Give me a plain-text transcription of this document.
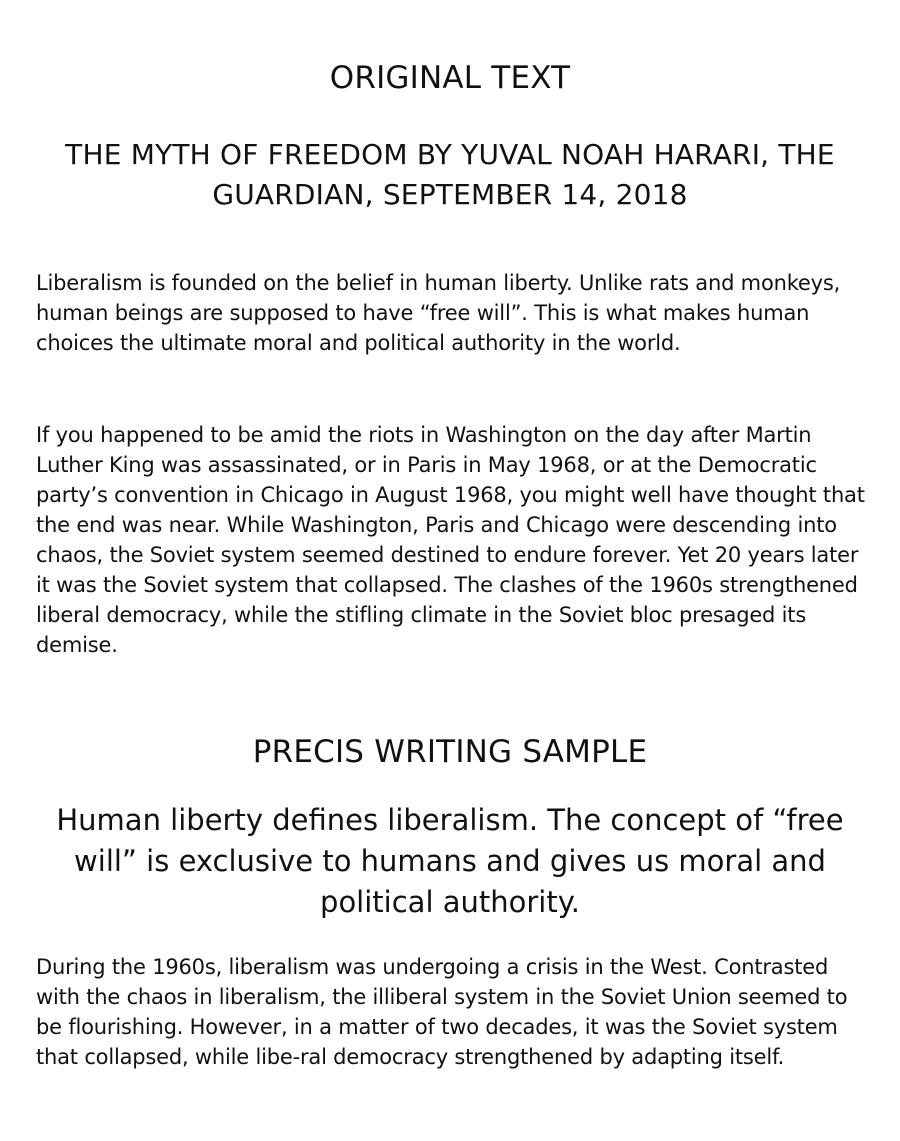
ORIGINAL TEXT
THE MYTH OF FREEDOM BY YUVAL NOAH HARARI, THE GUARDIAN, SEPTEMBER 14, 2018

Liberalism is founded on the belief in human liberty. Unlike rats and monkeys, human beings are supposed to have “free will”. This is what makes human choices the ultimate moral and political authority in the world.

If you happened to be amid the riots in Washington on the day after Martin Luther King was assassinated, or in Paris in May 1968, or at the Democratic party’s convention in Chicago in August 1968, you might well have thought that the end was near. While Washington, Paris and Chicago were descending into chaos, the Soviet system seemed destined to endure forever. Yet 20 years later it was the Soviet system that collapsed. The clashes of the 1960s strengthened liberal democracy, while the stifling climate in the Soviet bloc presaged its demise.

PRECIS WRITING SAMPLE

Human liberty defines liberalism. The concept of “free will” is exclusive to humans and gives us moral and political authority.

During the 1960s, liberalism was undergoing a crisis in the West. Contrasted with the chaos in liberalism, the illiberal system in the Soviet Union seemed to be flourishing. However, in a matter of two decades, it was the Soviet system that collapsed, while libe-ral democracy strengthened by adapting itself.
